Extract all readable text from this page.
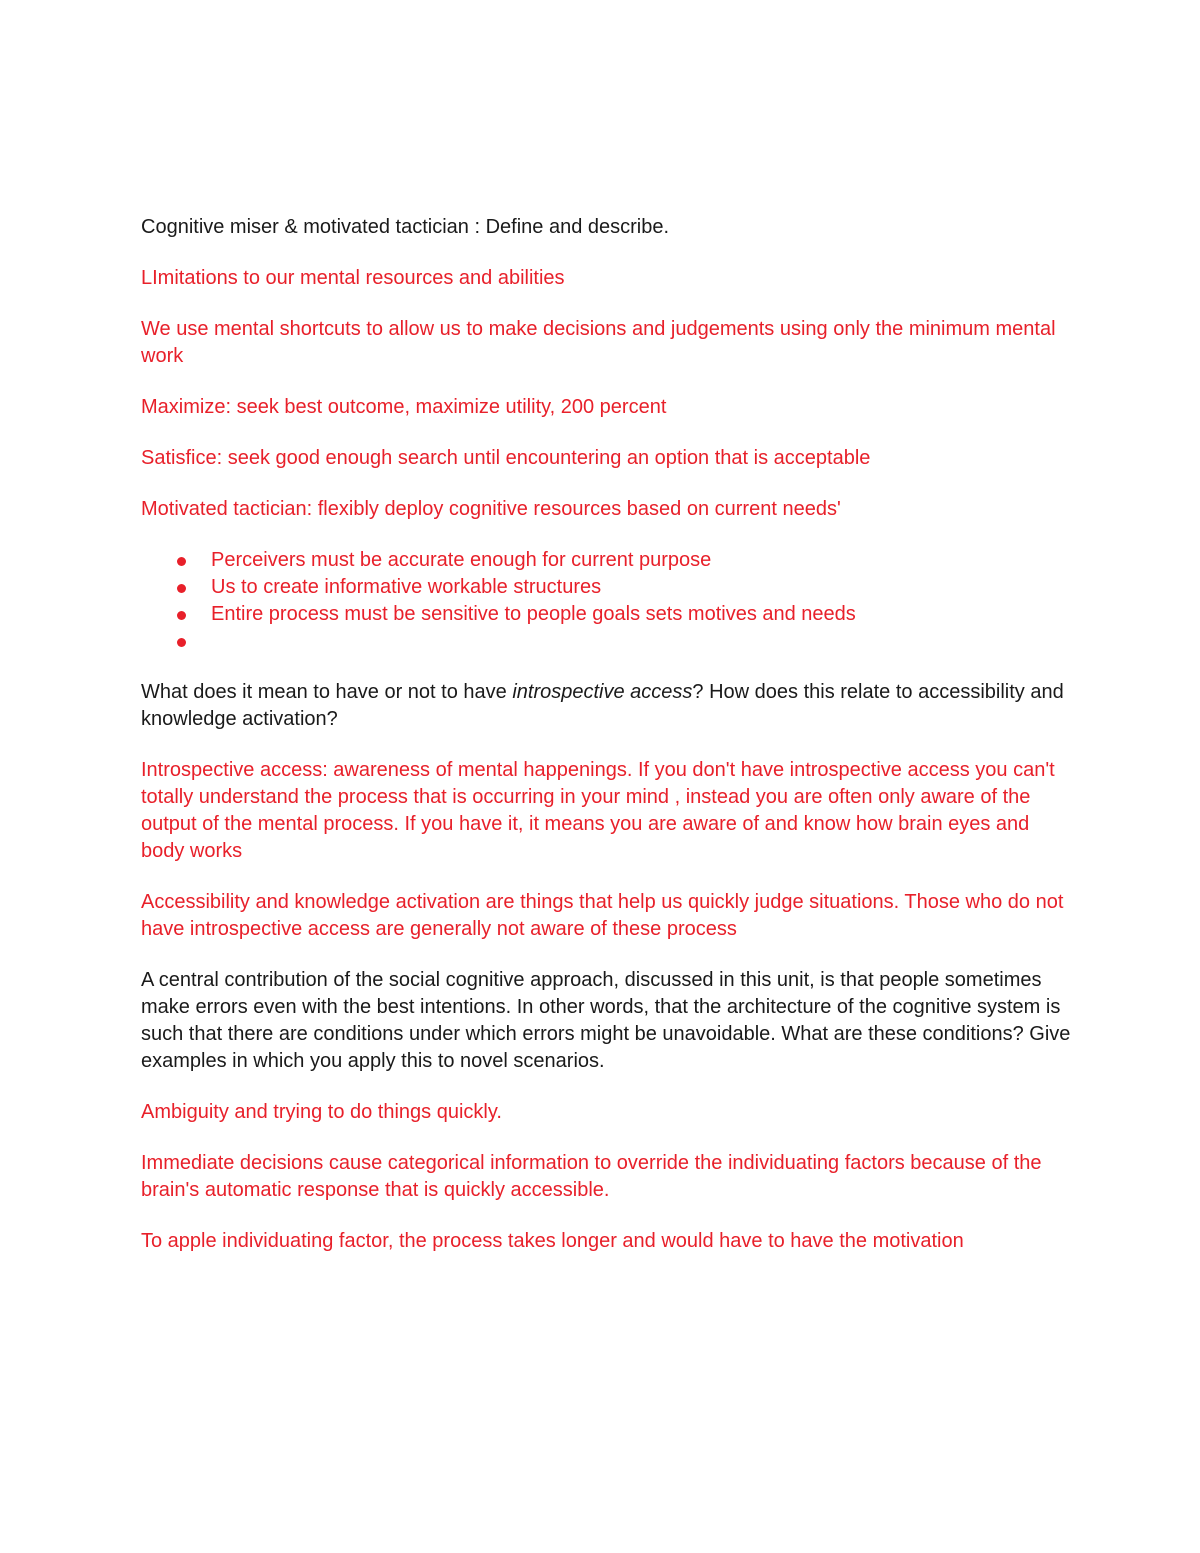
Cognitive miser & motivated tactician : Define and describe.

LImitations to our mental resources and abilities

We use mental shortcuts to allow us to make decisions and judgements using only the minimum mental work

Maximize: seek best outcome, maximize utility, 200 percent

Satisfice: seek good enough search until encountering an option that is acceptable

Motivated tactician: flexibly deploy cognitive resources based on current needs'

Perceivers must be accurate enough for current purpose
Us to create informative workable structures
Entire process must be sensitive to people goals sets motives and needs

What does it mean to have or not to have introspective access? How does this relate to accessibility and knowledge activation?

Introspective access: awareness of mental happenings. If you don't have introspective access you can't totally understand the process that is occurring in your mind , instead you are often only aware of the output of the mental process. If you have it, it means you are aware of and know how brain eyes and body works

Accessibility and knowledge activation are things that help us quickly judge situations. Those who do not have introspective access are generally not aware of these process

A central contribution of the social cognitive approach, discussed in this unit, is that people sometimes make errors even with the best intentions. In other words, that the architecture of the cognitive system is such that there are conditions under which errors might be unavoidable. What are these conditions? Give examples in which you apply this to novel scenarios.

Ambiguity and trying to do things quickly.

Immediate decisions cause categorical information to override the individuating factors because of the brain's automatic response that is quickly accessible.

To apple individuating factor, the process takes longer and would have to have the motivation
